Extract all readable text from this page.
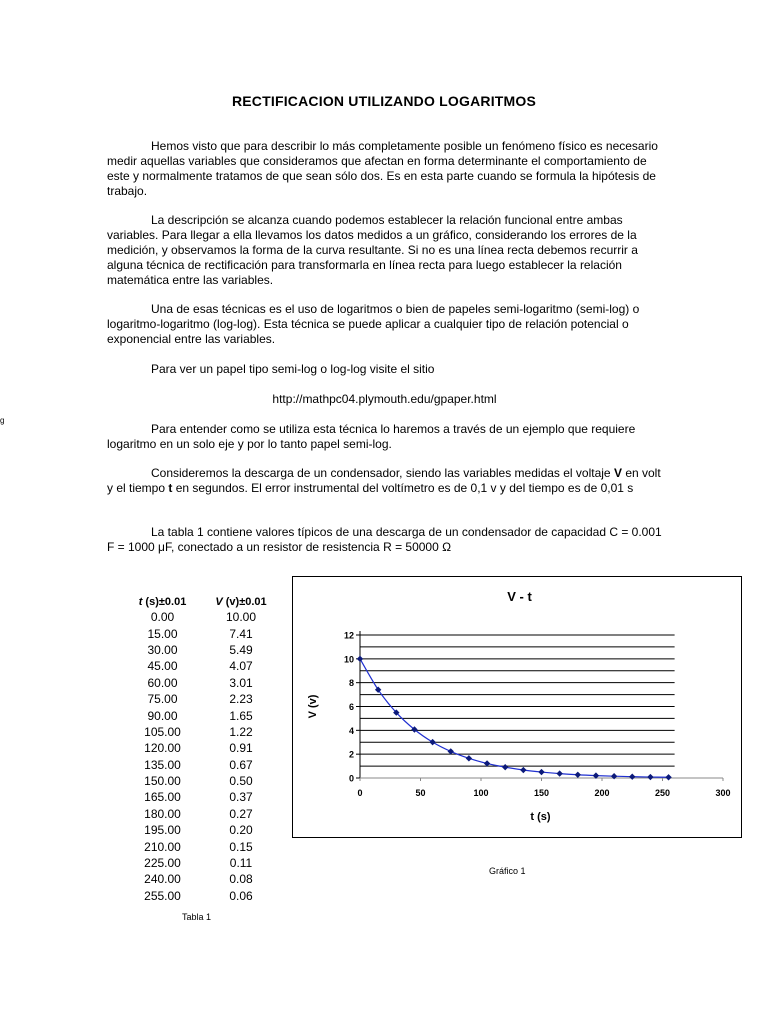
RECTIFICACION UTILIZANDO LOGARITMOS

Hemos visto que para describir lo más completamente posible un fenómeno físico es necesario medir aquellas variables que consideramos que afectan en forma determinante el comportamiento de este y normalmente tratamos de que sean sólo dos. Es en esta parte cuando se formula la hipótesis de trabajo.

La descripción se alcanza cuando podemos establecer la relación funcional entre ambas variables. Para llegar a ella llevamos los datos medidos a un gráfico, considerando los errores de la medición, y observamos la forma de la curva resultante. Si no es una línea recta debemos recurrir a alguna técnica de rectificación para transformarla en línea recta para luego establecer la relación matemática entre las variables.

Una de esas técnicas es el uso de logaritmos o bien de papeles semi-logaritmo (semi-log) o logaritmo-logaritmo (log-log). Esta técnica se puede aplicar a cualquier tipo de relación potencial o exponencial entre las variables.

Para ver un papel tipo semi-log o log-log visite el sitio

http://mathpc04.plymouth.edu/gpaper.html
g

Para entender como se utiliza esta técnica lo haremos a través de un ejemplo que requiere logaritmo en un solo eje y por lo tanto papel semi-log.

Consideremos la descarga de un condensador, siendo las variables medidas el voltaje V en volt y el tiempo t en segundos. El error instrumental del voltímetro es de 0,1 v y del tiempo es de 0,01 s

La tabla 1 contiene valores típicos de una descarga de un condensador de capacidad C = 0.001 F = 1000 μF, conectado a un resistor de resistencia R = 50000 Ω

t (s)±0.01	V (v)±0.01
0.00	10.00
15.00	7.41
30.00	5.49
45.00	4.07
60.00	3.01
75.00	2.23
90.00	1.65
105.00	1.22
120.00	0.91
135.00	0.67
150.00	0.50
165.00	0.37
180.00	0.27
195.00	0.20
210.00	0.15
225.00	0.11
240.00	0.08
255.00	0.06
Tabla 1
0
2
4
6
8
10
12
0	50	100	150	200	250	300
V - t
t (s)
V (v)
Gráfico 1
